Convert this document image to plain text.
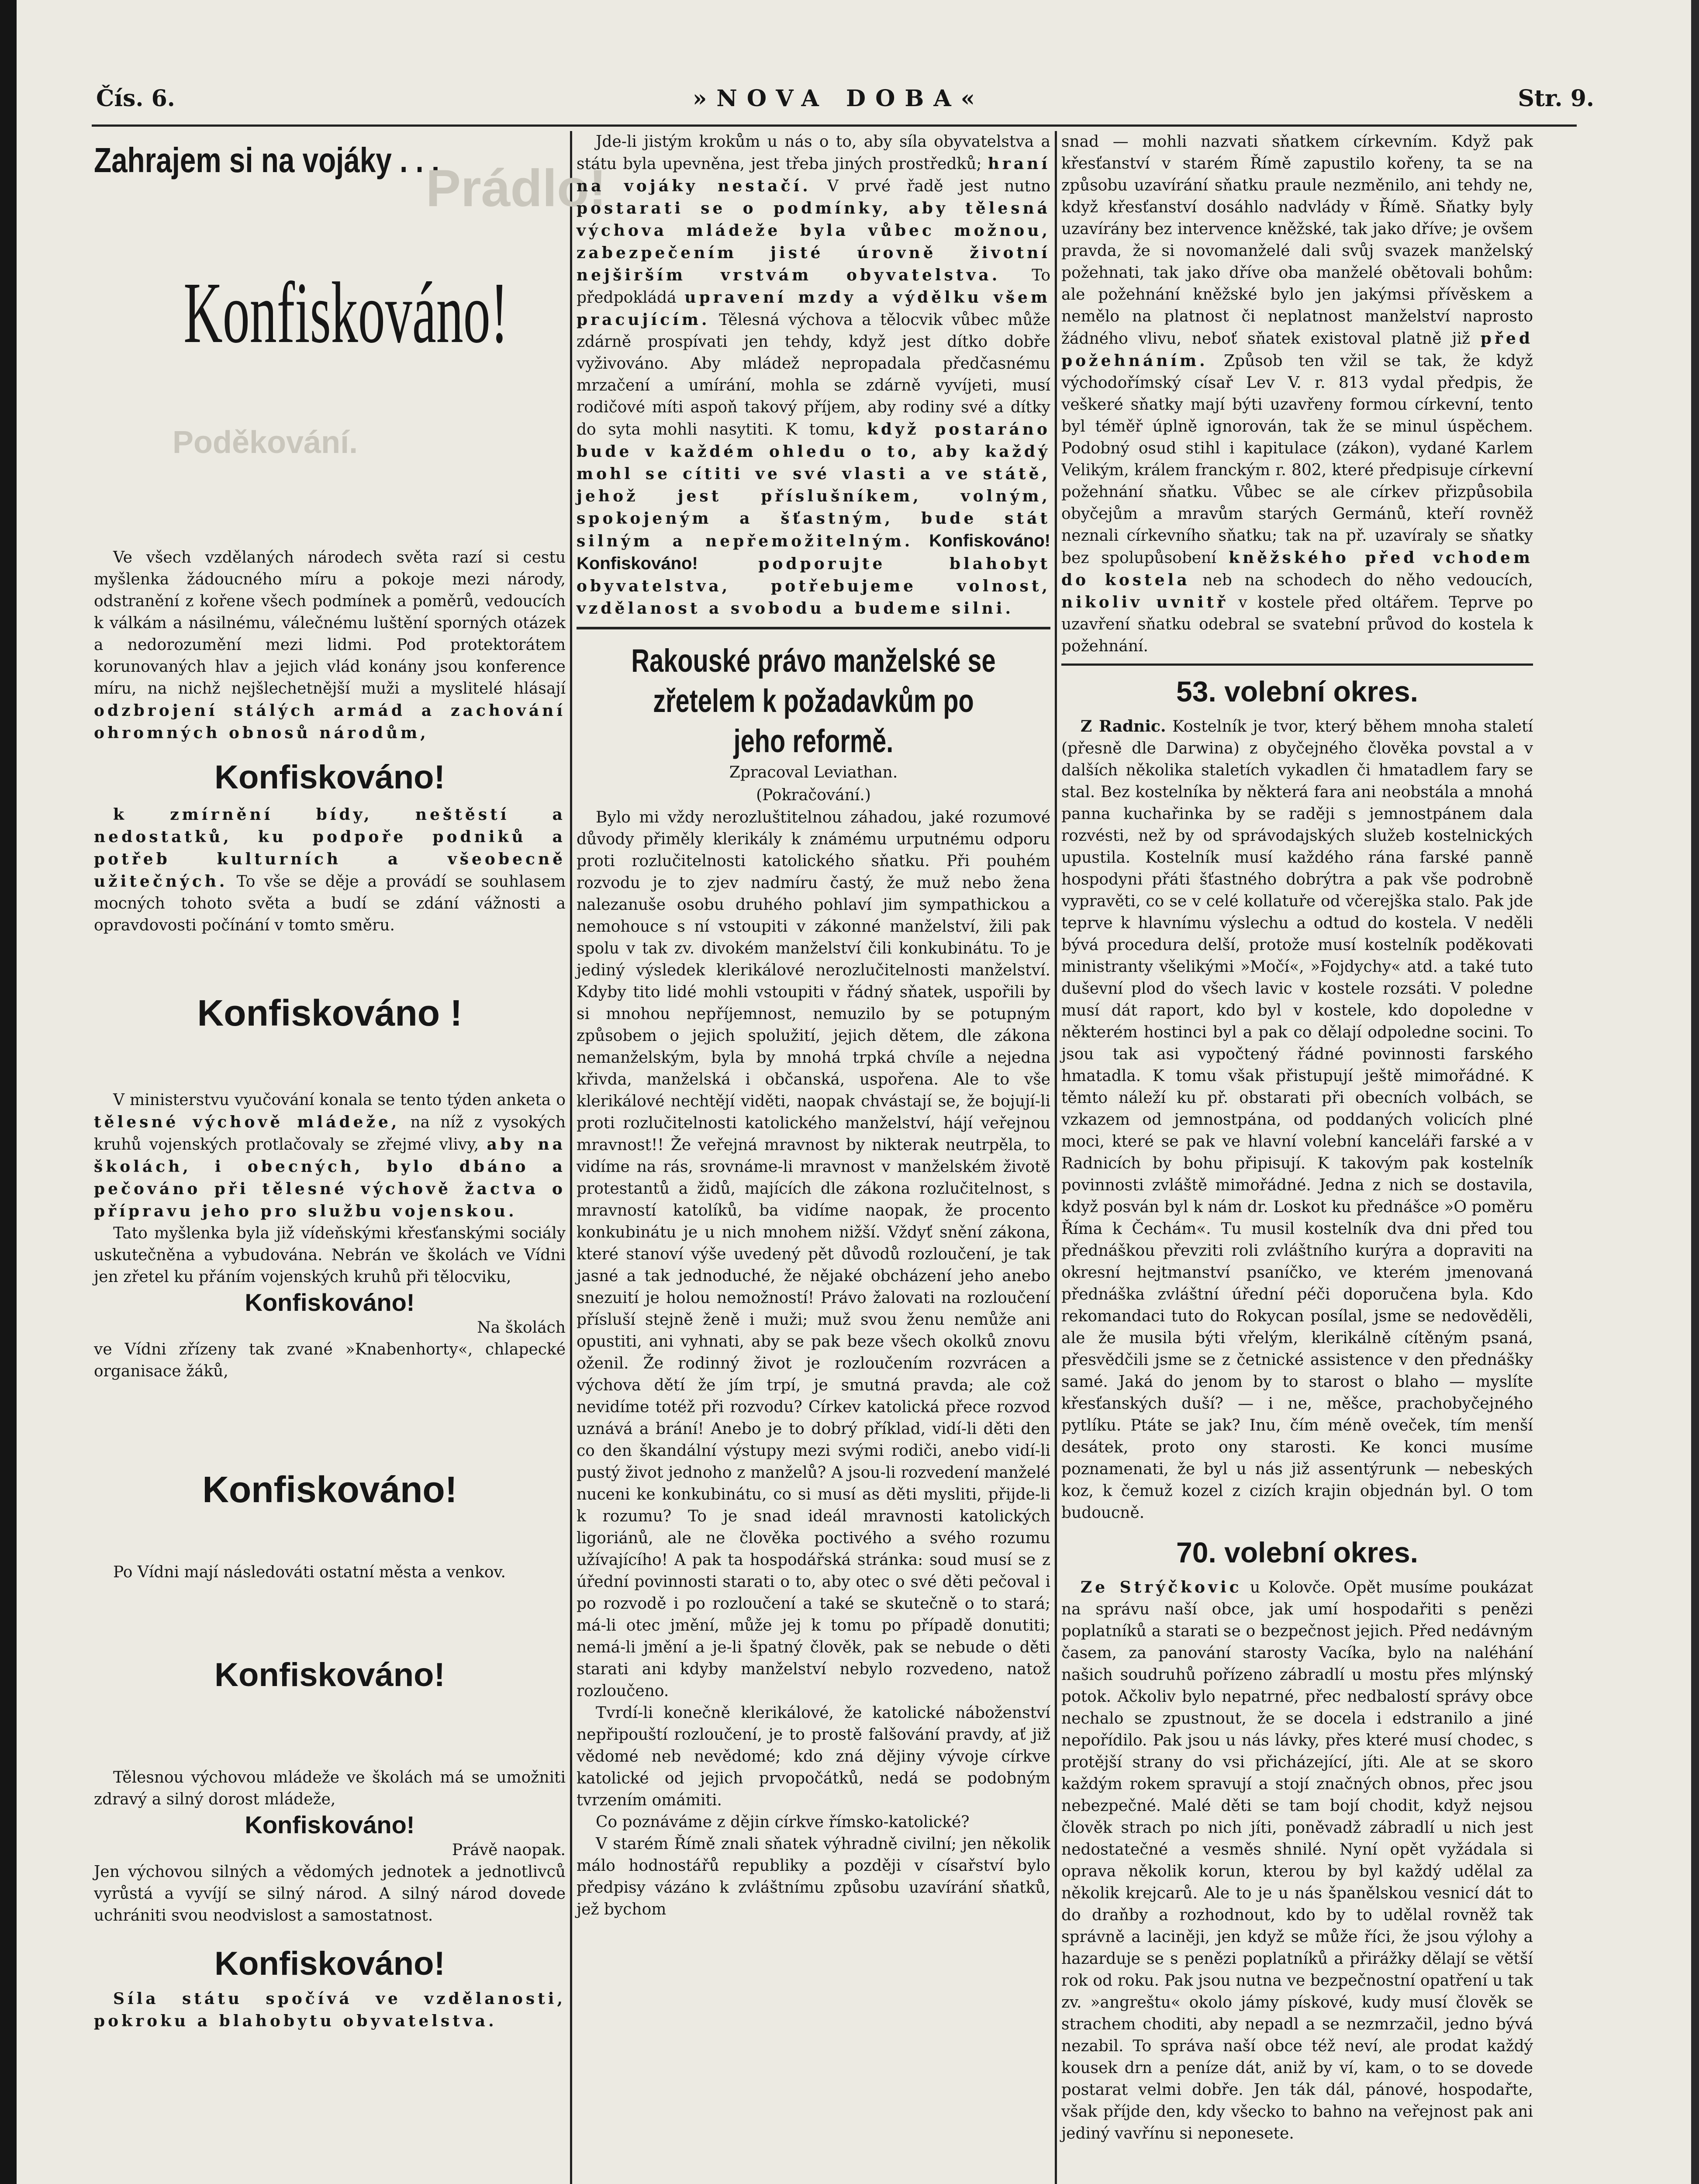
Čís. 6.	»NOVA DOBA«	Str. 9.
Zahrajem si na vojáky . . .
Prádlo!
Konfiskováno!
Poděkování.

Ve všech vzdělaných národech světa razí si cestu myšlenka žádoucného míru a pokoje mezi národy, odstranění z kořene všech podmínek a poměrů, vedoucích k válkám a násilnému, válečnému luštění sporných otázek a nedorozumění mezi lidmi. Pod protektorátem korunovaných hlav a jejich vlád konány jsou konference míru, na nichž nejšlechetnější muži a myslitelé hlásají odzbrojení stálých armád a zachování ohromných obnosů národům,

Konfiskováno!

k zmírnění bídy, neštěstí a nedostatků, ku podpoře podniků a potřeb kulturních a všeobecně užitečných. To vše se děje a provádí se souhlasem mocných tohoto světa a budí se zdání vážnosti a opravdovosti počínání v tomto směru.

Konfiskováno !

V ministerstvu vyučování konala se tento týden anketa o tělesné výchově mládeže, na níž z vysokých kruhů vojenských protlačovaly se zřejmé vlivy, aby na školách, i obecných, bylo dbáno a pečováno při tělesné výchově žactva o přípravu jeho pro službu vojenskou.

Tato myšlenka byla již vídeňskými křesťanskými sociály uskutečněna a vybudována. Nebrán ve školách ve Vídni jen zřetel ku přáním vojenských kruhů při tělocviku,

Konfiskováno!

Na školách

ve Vídni zřízeny tak zvané »Knabenhorty«, chlapecké organisace žáků,

Konfiskováno!

Po Vídni mají následováti ostatní města a venkov.

Konfiskováno!

Tělesnou výchovou mládeže ve školách má se umožniti zdravý a silný dorost mládeže,

Konfiskováno!

Právě naopak.

Jen výchovou silných a vědomých jednotek a jednotlivců vyrůstá a vyvíjí se silný národ. A silný národ dovede uchrániti svou neodvislost a samostatnost.

Konfiskováno!

Síla státu spočívá ve vzdělanosti, pokroku a blahobytu obyvatelstva.

Jde-li jistým krokům u nás o to, aby síla obyvatelstva a státu byla upevněna, jest třeba jiných prostředků; hraní na vojáky nestačí. V prvé řadě jest nutno postarati se o podmínky, aby tělesná výchova mládeže byla vůbec možnou, zabezpečením jisté úrovně životní nejširším vrstvám obyvatelstva. To předpokládá upravení mzdy a výdělku všem pracujícím. Tělesná výchova a tělocvik vůbec může zdárně prospívati jen tehdy, když jest dítko dobře vyživováno. Aby mládež nepropadala předčasnému mrzačení a umírání, mohla se zdárně vyvíjeti, musí rodičové míti aspoň takový příjem, aby rodiny své a dítky do syta mohli nasytiti. K tomu, když postaráno bude v každém ohledu o to, aby každý mohl se cítiti ve své vlasti a ve státě, jehož jest příslušníkem, volným, spokojeným a šťastným, bude stát silným a nepřemožitelným. Konfiskováno! Konfiskováno!	podporujte blahobyt obyvatelstva, potřebujeme volnost, vzdělanost a svobodu a budeme silni.

Rakouské právo manželské se zřetelem k požadavkům po jeho reformě.

Zpracoval Leviathan.

(Pokračování.)

Bylo mi vždy nerozluštitelnou záhadou, jaké rozumové důvody přiměly klerikály k známému urputnému odporu proti rozlučitelnosti katolického sňatku. Při pouhém rozvodu je to zjev nadmíru častý, že muž nebo žena nalezanuše osobu druhého pohlaví jim sympathickou a nemohouce s ní vstoupiti v zákonné manželství, žili pak spolu v tak zv. divokém manželství čili konkubinátu. To je jediný výsledek klerikálové nerozlučitelnosti manželství. Kdyby tito lidé mohli vstoupiti v řádný sňatek, uspořili by si mnohou nepříjemnost, nemuzilo by se potupným způsobem o jejich spolužití, jejich dětem, dle zákona nemanželským, byla by mnohá trpká chvíle a nejedna křivda, manželská i občanská, uspořena. Ale to vše klerikálové nechtějí viděti, naopak chvástají se, že bojují-li proti rozlučitelnosti katolického manželství, hájí veřejnou mravnost!! Že veřejná mravnost by nikterak neutrpěla, to vidíme na rás, srovnáme-li mravnost v manželském životě protestantů a židů, majících dle zákona rozlučitelnost, s mravností katolíků, ba vidíme naopak, že procento konkubinátu je u nich mnohem nižší. Vždyť snění zákona, které stanoví výše uvedený pět důvodů rozloučení, je tak jasné a tak jednoduché, že nějaké obcházení jeho anebo snezuití je holou nemožností! Právo žalovati na rozloučení přísluší stejně ženě i muži; muž svou ženu nemůže ani opustiti, ani vyhnati, aby se pak beze všech okolků znovu oženil. Že rodinný život je rozloučením rozvrácen a výchova dětí že jím trpí, je smutná pravda; ale což nevidíme totéž při rozvodu? Církev katolická přece rozvod uznává a brání! Anebo je to dobrý příklad, vidí-li děti den co den škandální výstupy mezi svými rodiči, anebo vidí-li pustý život jednoho z manželů? A jsou-li rozvedení manželé nuceni ke konkubinátu, co si musí as děti mysliti, přijde-li k rozumu? To je snad ideál mravnosti katolických ligoriánů, ale ne člověka poctivého a svého rozumu užívajícího! A pak ta hospodářská stránka: soud musí se z úřední povinnosti starati o to, aby otec o své děti pečoval i po rozvodě i po rozloučení a také se skutečně o to stará; má-li otec jmění, může jej k tomu po případě donutiti; nemá-li jmění a je-li špatný člověk, pak se nebude o děti starati ani kdyby manželství nebylo rozvedeno, natož rozloučeno.

Tvrdí-li konečně klerikálové, že katolické náboženství nepřipouští rozloučení, je to prostě falšování pravdy, ať již vědomé neb nevědomé; kdo zná dějiny vývoje církve katolické od jejich prvopočátků, nedá se podobným tvrzením omámiti.

Co poznáváme z dějin církve římsko-katolické?

V starém Římě znali sňatek výhradně civilní; jen několik málo hodnostářů republiky a později v císařství bylo předpisy vázáno k zvláštnímu způsobu uzavírání sňatků, jež bychom

snad — mohli nazvati sňatkem církevním. Když pak křesťanství v starém Římě zapustilo kořeny, ta se na způsobu uzavírání sňatku praule nezměnilo, ani tehdy ne, když křesťanství dosáhlo nadvlády v Římě. Sňatky byly uzavírány bez intervence kněžské, tak jako dříve; je ovšem pravda, že si novomanželé dali svůj svazek manželský požehnati, tak jako dříve oba manželé obětovali bohům: ale požehnání kněžské bylo jen jakýmsi přívěskem a nemělo na platnost či neplatnost manželství naprosto žádného vlivu, neboť sňatek existoval platně již před požehnáním. Způsob ten vžil se tak, že když východořímský císař Lev V. r. 813 vydal předpis, že veškeré sňatky mají býti uzavřeny formou církevní, tento byl téměř úplně ignorován, tak že se minul úspěchem. Podobný osud stihl i kapitulace (zákon), vydané Karlem Velikým, králem franckým r. 802, které předpisuje církevní požehnání sňatku. Vůbec se ale církev přizpůsobila obyčejům a mravům starých Germánů, kteří rovněž neznali církevního sňatku; tak na př. uzavíraly se sňatky bez spolupůsobení kněžského před vchodem do kostela neb na schodech do něho vedoucích, nikoliv uvnitř v kostele před oltářem. Teprve po uzavření sňatku odebral se svatební průvod do kostela k požehnání.

53. volební okres.

Z Radnic. Kostelník je tvor, který během mnoha staletí (přesně dle Darwina) z obyčejného člověka povstal a v dalších několika staletích vykadlen či hmatadlem fary se stal. Bez kostelníka by některá fara ani neobstála a mnohá panna kuchařinka by se raději s jemnostpánem dala rozvésti, než by od správodajských služeb kostelnických upustila. Kostelník musí každého rána farské panně hospodyni přáti šťastného dobrýtra a pak vše podrobně vypravěti, co se v celé kollatuře od včerejška stalo. Pak jde teprve k hlavnímu výslechu a odtud do kostela. V neděli bývá procedura delší, protože musí kostelník poděkovati ministranty všelikými »Močí«, »Fojdychy« atd. a také tuto duševní plod do všech lavic v kostele rozsáti. V poledne musí dát raport, kdo byl v kostele, kdo dopoledne v některém hostinci byl a pak co dělají odpoledne socini. To jsou tak asi vypočtený řádné povinnosti farského hmatadla. K tomu však přistupují ještě mimořádné. K těmto náleží ku př. obstarati při obecních volbách, se vzkazem od jemnostpána, od poddaných volicích plné moci, které se pak ve hlavní volební kanceláři farské a v Radnicích by bohu připisují. K takovým pak kostelník povinnosti zvláště mimořádné. Jedna z nich se dostavila, když posván byl k nám dr. Loskot ku přednášce »O poměru Říma k Čechám«. Tu musil kostelník dva dni před tou přednáškou převziti roli zvláštního kurýra a dopraviti na okresní hejtmanství psaníčko, ve kterém jmenovaná přednáška zvláštní úřední péči doporučena byla. Kdo rekomandaci tuto do Rokycan posílal, jsme se nedověděli, ale že musila býti vřelým, klerikálně cítěným psaná, přesvědčili jsme se z četnické assistence v den přednášky samé. Jaká do jenom by to starost o blaho — myslíte křesťanských duší? — i ne, měšce, prachobyčejného pytlíku. Ptáte se jak? Inu, čím méně oveček, tím menší desátek, proto ony starosti. Ke konci musíme poznamenati, že byl u nás již assentýrunk — nebeských koz, k čemuž kozel z cizích krajin objednán byl. O tom budoucně.

70. volební okres.

Ze Strýčkovic u Kolovče. Opět musíme poukázat na správu naší obce, jak umí hospodařiti s penězi poplatníků a starati se o bezpečnost jejich. Před nedávným časem, za panování starosty Vacíka, bylo na naléhání našich soudruhů pořízeno zábradlí u mostu přes mlýnský potok. Ačkoliv bylo nepatrné, přec nedbalostí správy obce nechalo se zpustnout, že se docela i edstranilo a jiné nepořídilo. Pak jsou u nás lávky, přes které musí chodec, s protější strany do vsi přicházející, jíti. Ale at se skoro každým rokem spravují a stojí značných obnos, přec jsou nebezpečné. Malé děti se tam bojí chodit, když nejsou člověk strach po nich jíti, poněvadž zábradlí u nich jest nedostatečné a vesměs shnilé. Nyní opět vyžádala si oprava několik korun, kterou by byl každý udělal za několik krejcarů. Ale to je u nás španělskou vesnicí dát to do draňby a rozhodnout, kdo by to udělal rovněž tak správně a laciněji, jen když se může říci, že jsou výlohy a hazarduje se s penězi poplatníků a přirážky dělají se větší rok od roku. Pak jsou nutna ve bezpečnostní opatření u tak zv. »angreštu« okolo jámy pískové, kudy musí člověk se strachem choditi, aby nepadl a se nezmrzačil, jedno bývá nezabil. To správa naší obce též neví, ale prodat každý kousek drn a peníze dát, aniž by ví, kam, o to se dovede postarat velmi dobře. Jen ták dál, pánové, hospodařte, však příjde den, kdy všecko to bahno na veřejnost pak ani jediný vavřínu si neponesete.
